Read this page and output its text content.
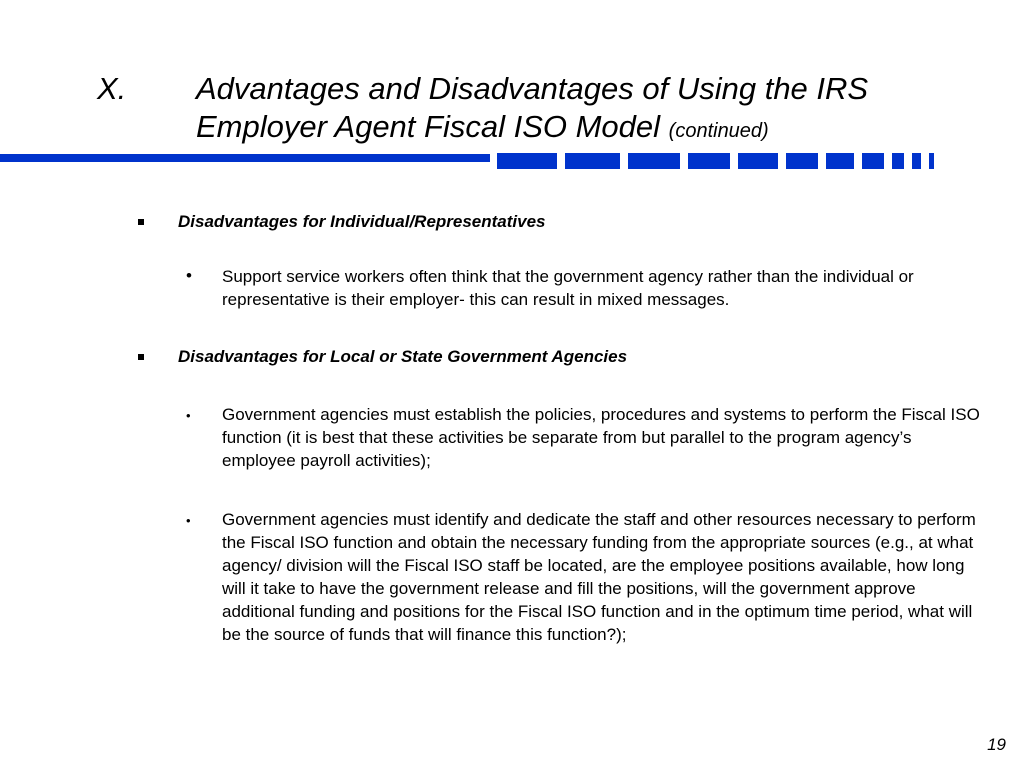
X. Advantages and Disadvantages of Using the IRS
Employer Agent Fiscal ISO Model (continued)
Disadvantages for Individual/Representatives
• Support service workers often think that the government agency rather than the individual or representative is their employer- this can result in mixed messages.
Disadvantages for Local or State Government Agencies
• Government agencies must establish the policies, procedures and systems to perform the Fiscal ISO function (it is best that these activities be separate from but parallel to the program agency’s employee payroll activities);
• Government agencies must identify and dedicate the staff and other resources necessary to perform the Fiscal ISO function and obtain the necessary funding from the appropriate sources (e.g., at what agency/ division will the Fiscal ISO staff be located, are the employee positions available, how long will it take to have the government release and fill the positions, will the government approve additional funding and positions for the Fiscal ISO function and in the optimum time period, what will be the source of funds that will finance this function?);
19
